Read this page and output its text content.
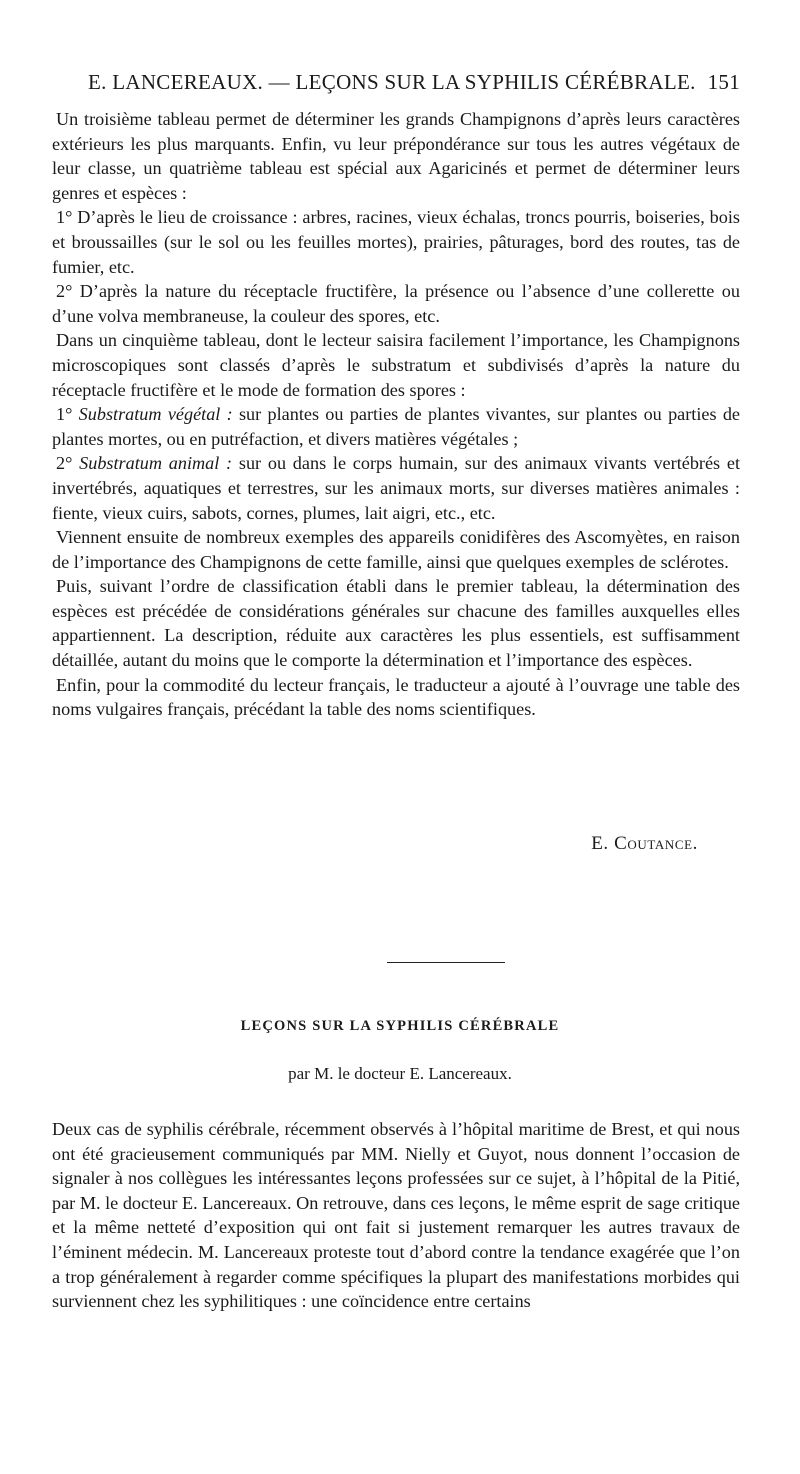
E. LANCEREAUX. — LEÇONS SUR LA SYPHILIS CÉRÉBRALE. 151

Un troisième tableau permet de déterminer les grands Champignons d’après leurs caractères extérieurs les plus marquants. Enfin, vu leur prépondérance sur tous les autres végétaux de leur classe, un quatrième tableau est spécial aux Agaricinés et permet de déterminer leurs genres et espèces :

1° D’après le lieu de croissance : arbres, racines, vieux échalas, troncs pourris, boiseries, bois et broussailles (sur le sol ou les feuilles mortes), prairies, pâturages, bord des routes, tas de fumier, etc.

2° D’après la nature du réceptacle fructifère, la présence ou l’absence d’une collerette ou d’une volva membraneuse, la couleur des spores, etc.

Dans un cinquième tableau, dont le lecteur saisira facilement l’importance, les Champignons microscopiques sont classés d’après le substratum et subdivisés d’après la nature du réceptacle fructifère et le mode de formation des spores :

1° Substratum végétal : sur plantes ou parties de plantes vivantes, sur plantes ou parties de plantes mortes, ou en putréfaction, et divers matières végétales ;

2° Substratum animal : sur ou dans le corps humain, sur des animaux vivants vertébrés et invertébrés, aquatiques et terrestres, sur les animaux morts, sur diverses matières animales : fiente, vieux cuirs, sabots, cornes, plumes, lait aigri, etc., etc.

Viennent ensuite de nombreux exemples des appareils conidifères des Ascomyètes, en raison de l’importance des Champignons de cette famille, ainsi que quelques exemples de sclérotes.

Puis, suivant l’ordre de classification établi dans le premier tableau, la détermination des espèces est précédée de considérations générales sur chacune des familles auxquelles elles appartiennent. La description, réduite aux caractères les plus essentiels, est suffisamment détaillée, autant du moins que le comporte la détermination et l’importance des espèces.

Enfin, pour la commodité du lecteur français, le traducteur a ajouté à l’ouvrage une table des noms vulgaires français, précédant la table des noms scientifiques.

E. Coutance.
LEÇONS SUR LA SYPHILIS CÉRÉBRALE
par M. le docteur E. Lancereaux.

Deux cas de syphilis cérébrale, récemment observés à l’hôpital maritime de Brest, et qui nous ont été gracieusement communiqués par MM. Nielly et Guyot, nous donnent l’occasion de signaler à nos collègues les intéressantes leçons professées sur ce sujet, à l’hôpital de la Pitié, par M. le docteur E. Lancereaux. On retrouve, dans ces leçons, le même esprit de sage critique et la même netteté d’exposition qui ont fait si justement remarquer les autres travaux de l’éminent médecin. M. Lancereaux proteste tout d’abord contre la tendance exagérée que l’on a trop généralement à regarder comme spécifiques la plupart des manifestations morbides qui surviennent chez les syphilitiques : une coïncidence entre certains
